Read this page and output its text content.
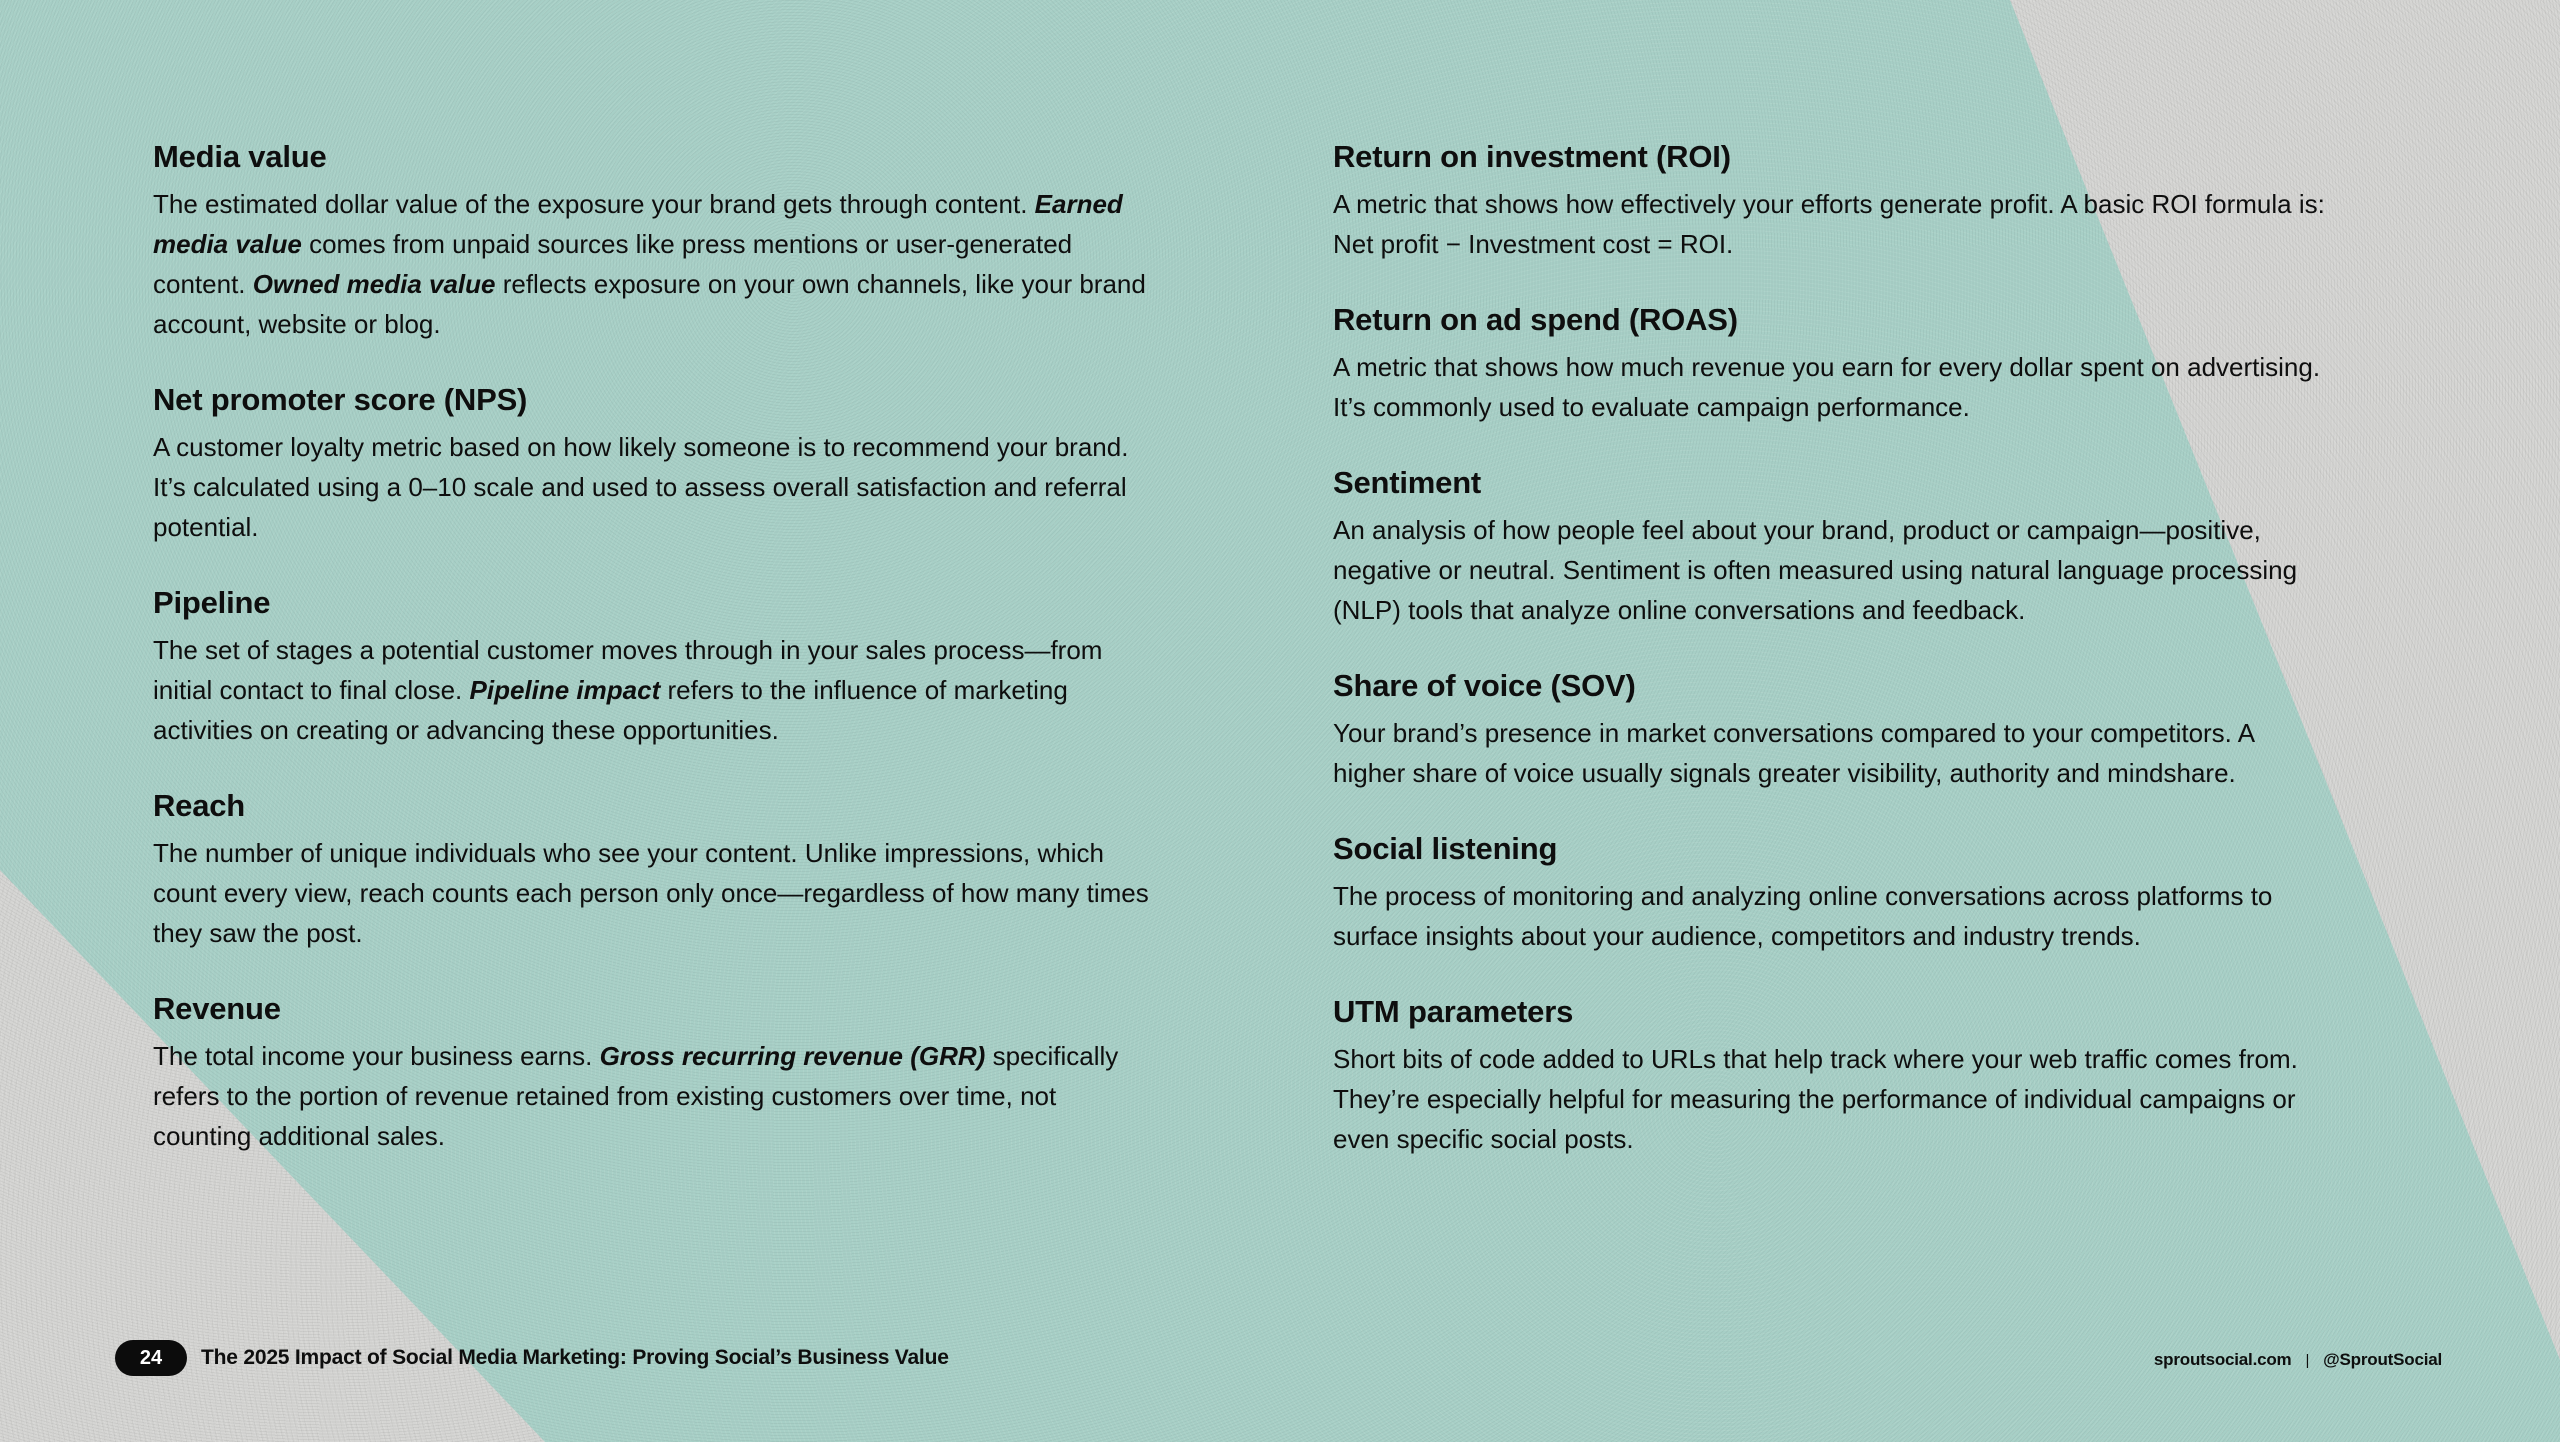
Media value

The estimated dollar value of the exposure your brand gets through content. Earned media value comes from unpaid sources like press mentions or user-generated content. Owned media value reflects exposure on your own channels, like your brand account, website or blog.

Net promoter score (NPS)

A customer loyalty metric based on how likely someone is to recommend your brand. It’s calculated using a 0–10 scale and used to assess overall satisfaction and referral potential.

Pipeline

The set of stages a potential customer moves through in your sales process—from initial contact to final close. Pipeline impact refers to the influence of marketing activities on creating or advancing these opportunities.

Reach

The number of unique individuals who see your content. Unlike impressions, which count every view, reach counts each person only once—regardless of how many times they saw the post.

Revenue

The total income your business earns. Gross recurring revenue (GRR) specifically refers to the portion of revenue retained from existing customers over time, not counting additional sales.

Return on investment (ROI)

A metric that shows how effectively your efforts generate profit. A basic ROI formula is: Net profit − Investment cost = ROI.

Return on ad spend (ROAS)

A metric that shows how much revenue you earn for every dollar spent on advertising. It’s commonly used to evaluate campaign performance.

Sentiment

An analysis of how people feel about your brand, product or campaign—positive, negative or neutral. Sentiment is often measured using natural language processing (NLP) tools that analyze online conversations and feedback.

Share of voice (SOV)

Your brand’s presence in market conversations compared to your competitors. A higher share of voice usually signals greater visibility, authority and mindshare.

Social listening

The process of monitoring and analyzing online conversations across platforms to surface insights about your audience, competitors and industry trends.

UTM parameters

Short bits of code added to URLs that help track where your web traffic comes from. They’re especially helpful for measuring the performance of individual campaigns or even specific social posts.

24	The 2025 Impact of Social Media Marketing: Proving Social’s Business Value	sproutsocial.com | @SproutSocial
